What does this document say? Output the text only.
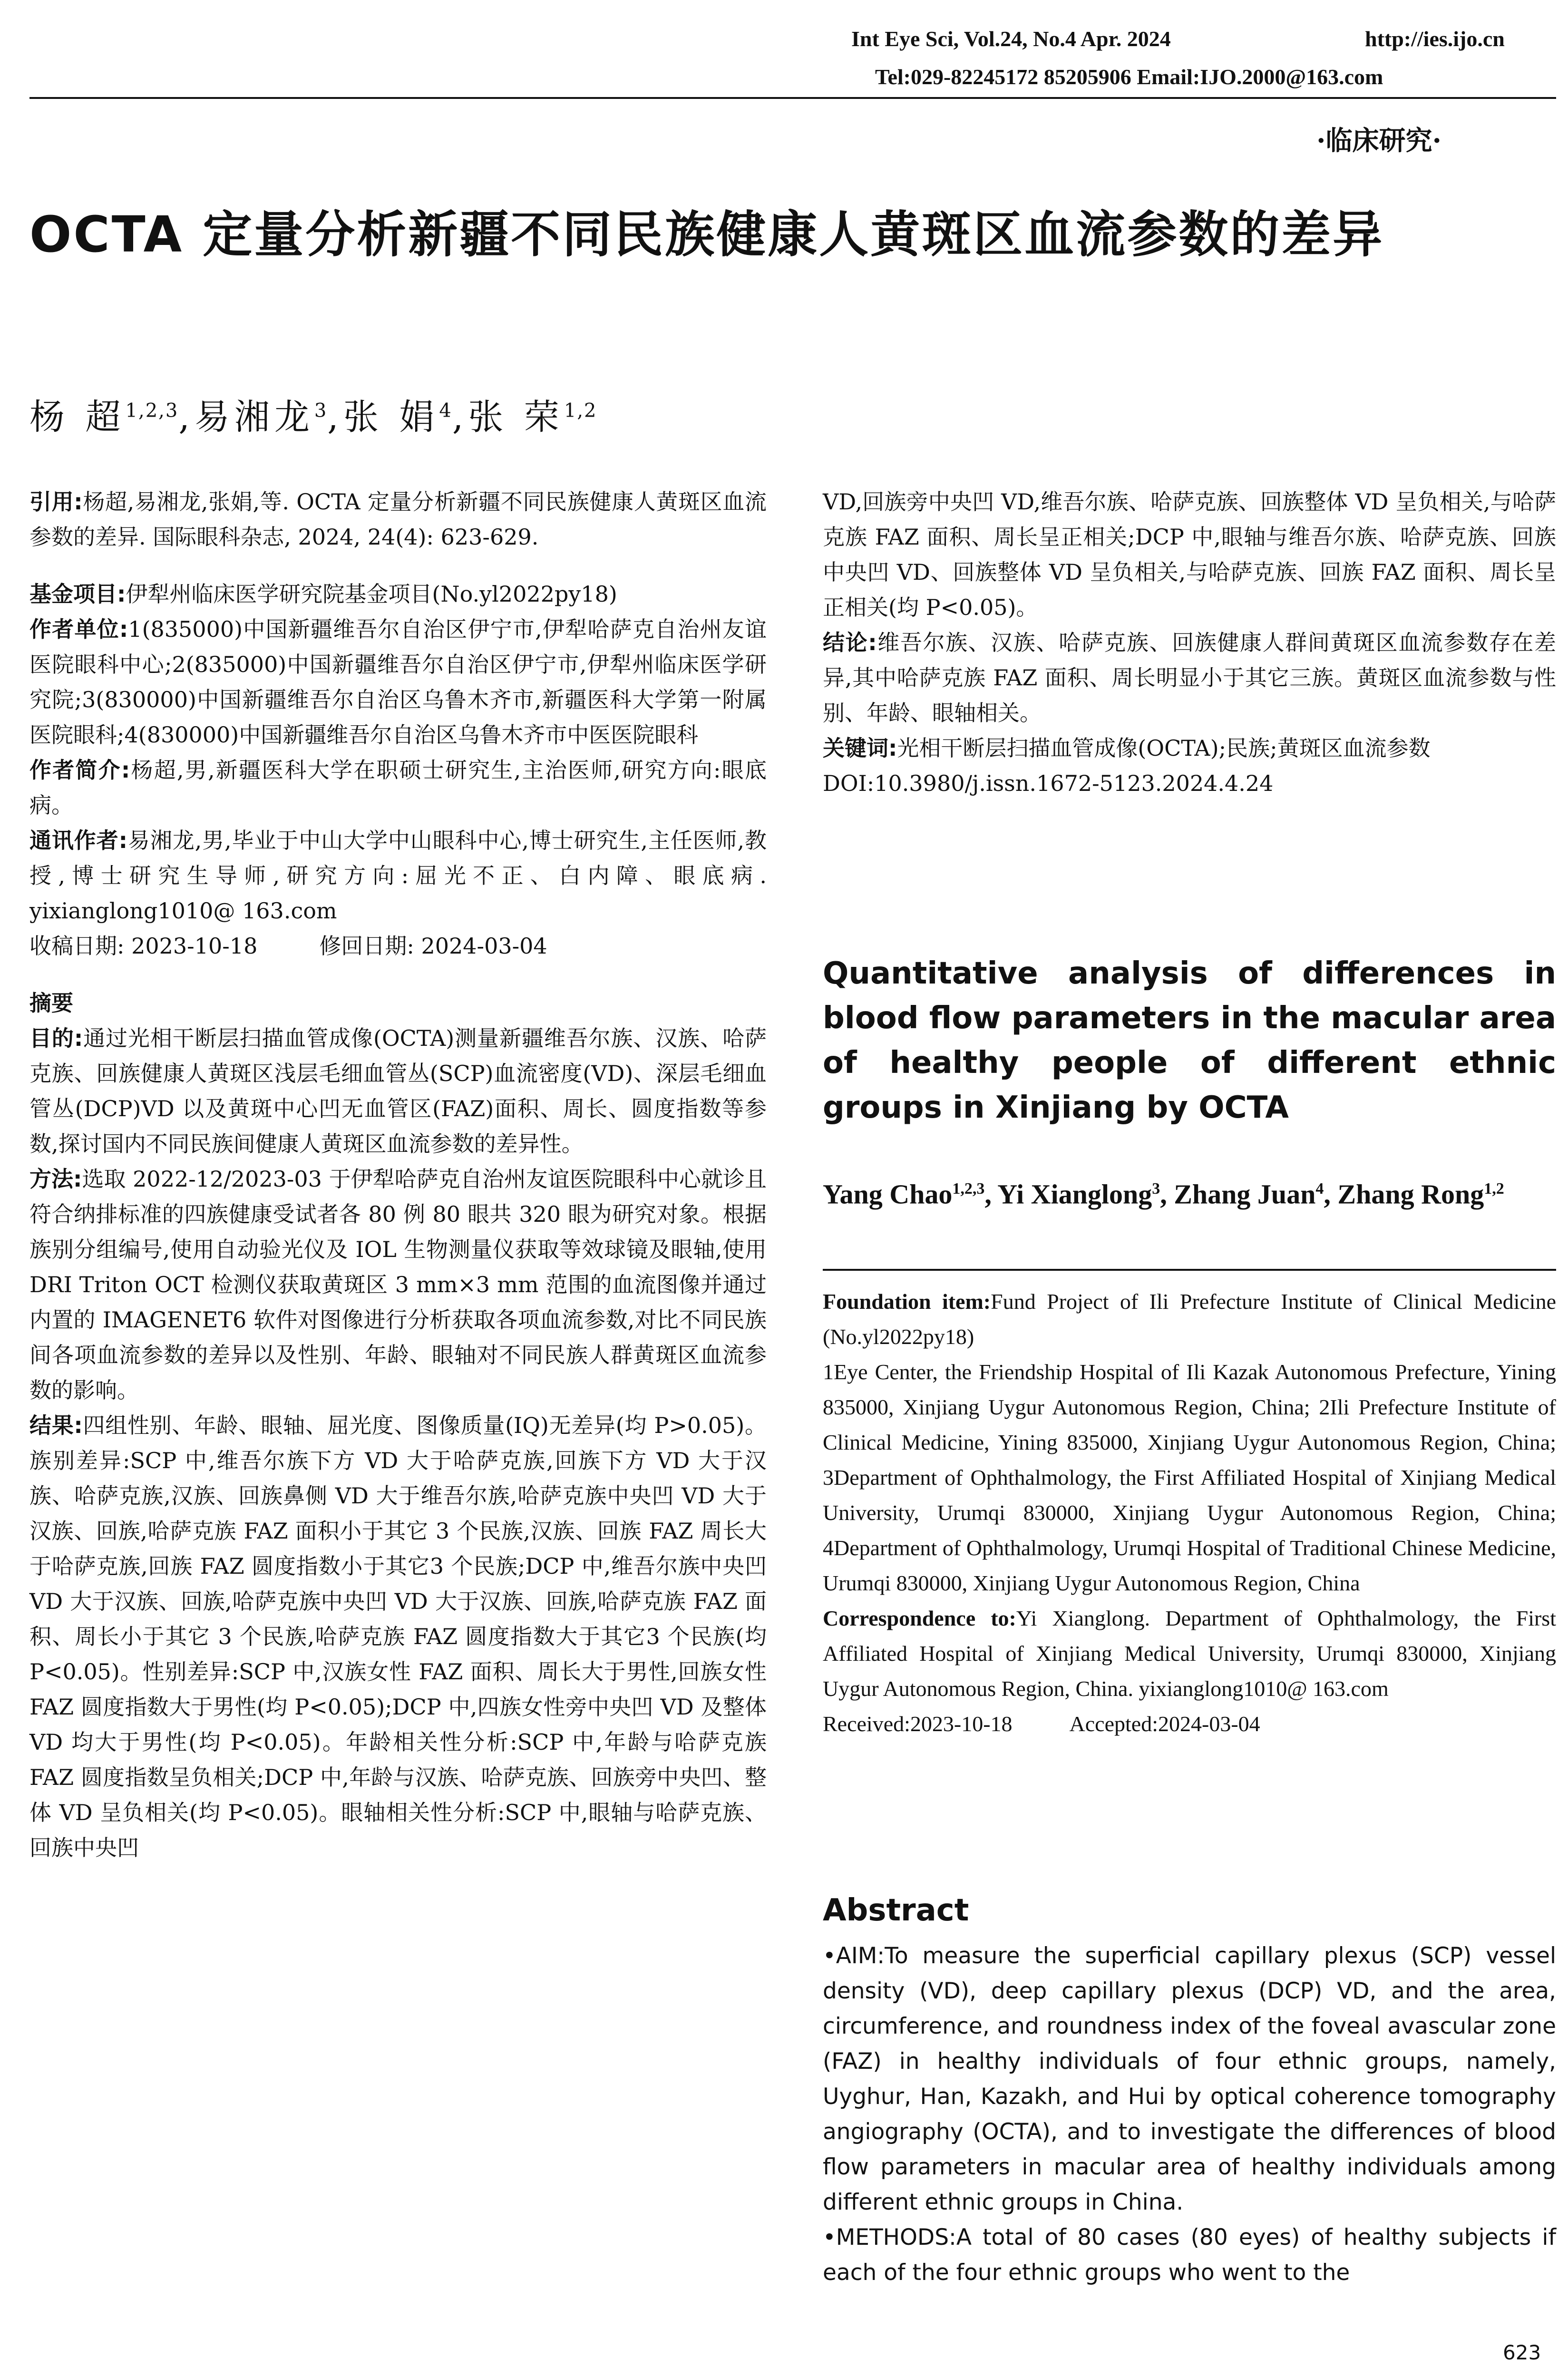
Int Eye Sci, Vol.24, No.4 Apr. 2024	http://ies.ijo.cn
Tel:029-82245172 85205906 Email:IJO.2000@163.com
·临床研究·
OCTA 定量分析新疆不同民族健康人黄斑区血流参数的差异
杨 超$^{1,2,3}$,易湘龙$^3$,张 娟$^4$,张 荣$^{1,2}$

引用:杨超,易湘龙,张娟,等. OCTA 定量分析新疆不同民族健康人黄斑区血流参数的差异. 国际眼科杂志, 2024, 24(4): 623-629.

基金项目:伊犁州临床医学研究院基金项目(No.yl2022py18)

作者单位:1(835000)中国新疆维吾尔自治区伊宁市,伊犁哈萨克自治州友谊医院眼科中心;2(835000)中国新疆维吾尔自治区伊宁市,伊犁州临床医学研究院;3(830000)中国新疆维吾尔自治区乌鲁木齐市,新疆医科大学第一附属医院眼科;4(830000)中国新疆维吾尔自治区乌鲁木齐市中医医院眼科

作者简介:杨超,男,新疆医科大学在职硕士研究生,主治医师,研究方向:眼底病。

通讯作者:易湘龙,男,毕业于中山大学中山眼科中心,博士研究生,主任医师,教授,博士研究生导师,研究方向:屈光不正、白内障、眼底病. yixianglong1010@ 163.com

收稿日期: 2023-10-18	修回日期: 2024-03-04

摘要

目的:通过光相干断层扫描血管成像(OCTA)测量新疆维吾尔族、汉族、哈萨克族、回族健康人黄斑区浅层毛细血管丛(SCP)血流密度(VD)、深层毛细血管丛(DCP)VD 以及黄斑中心凹无血管区(FAZ)面积、周长、圆度指数等参数,探讨国内不同民族间健康人黄斑区血流参数的差异性。

方法:选取 2022-12/2023-03 于伊犁哈萨克自治州友谊医院眼科中心就诊且符合纳排标准的四族健康受试者各 80 例 80 眼共 320 眼为研究对象。根据族别分组编号,使用自动验光仪及 IOL 生物测量仪获取等效球镜及眼轴,使用 DRI Triton OCT 检测仪获取黄斑区 3 mm×3 mm 范围的血流图像并通过内置的 IMAGENET6 软件对图像进行分析获取各项血流参数,对比不同民族间各项血流参数的差异以及性别、年龄、眼轴对不同民族人群黄斑区血流参数的影响。

结果:四组性别、年龄、眼轴、屈光度、图像质量(IQ)无差异(均 P>0.05)。族别差异:SCP 中,维吾尔族下方 VD 大于哈萨克族,回族下方 VD 大于汉族、哈萨克族,汉族、回族鼻侧 VD 大于维吾尔族,哈萨克族中央凹 VD 大于汉族、回族,哈萨克族 FAZ 面积小于其它 3 个民族,汉族、回族 FAZ 周长大于哈萨克族,回族 FAZ 圆度指数小于其它3 个民族;DCP 中,维吾尔族中央凹 VD 大于汉族、回族,哈萨克族中央凹 VD 大于汉族、回族,哈萨克族 FAZ 面积、周长小于其它 3 个民族,哈萨克族 FAZ 圆度指数大于其它3 个民族(均 P<0.05)。性别差异:SCP 中,汉族女性 FAZ 面积、周长大于男性,回族女性 FAZ 圆度指数大于男性(均 P<0.05);DCP 中,四族女性旁中央凹 VD 及整体 VD 均大于男性(均 P<0.05)。年龄相关性分析:SCP 中,年龄与哈萨克族 FAZ 圆度指数呈负相关;DCP 中,年龄与汉族、哈萨克族、回族旁中央凹、整体 VD 呈负相关(均 P<0.05)。眼轴相关性分析:SCP 中,眼轴与哈萨克族、回族中央凹

VD,回族旁中央凹 VD,维吾尔族、哈萨克族、回族整体 VD 呈负相关,与哈萨克族 FAZ 面积、周长呈正相关;DCP 中,眼轴与维吾尔族、哈萨克族、回族中央凹 VD、回族整体 VD 呈负相关,与哈萨克族、回族 FAZ 面积、周长呈正相关(均 P<0.05)。

结论:维吾尔族、汉族、哈萨克族、回族健康人群间黄斑区血流参数存在差异,其中哈萨克族 FAZ 面积、周长明显小于其它三族。黄斑区血流参数与性别、年龄、眼轴相关。

关键词:光相干断层扫描血管成像(OCTA);民族;黄斑区血流参数

DOI:10.3980/j.issn.1672-5123.2024.4.24

Quantitative analysis of differences in blood flow parameters in the macular area of healthy people of different ethnic groups in Xinjiang by OCTA
Yang Chao$^{1,2,3}$, Yi Xianglong$^3$, Zhang Juan$^4$, Zhang Rong$^{1,2}$

Foundation item:Fund Project of Ili Prefecture Institute of Clinical Medicine (No.yl2022py18)

1Eye Center, the Friendship Hospital of Ili Kazak Autonomous Prefecture, Yining 835000, Xinjiang Uygur Autonomous Region, China; 2Ili Prefecture Institute of Clinical Medicine, Yining 835000, Xinjiang Uygur Autonomous Region, China; 3Department of Ophthalmology, the First Affiliated Hospital of Xinjiang Medical University, Urumqi 830000, Xinjiang Uygur Autonomous Region, China; 4Department of Ophthalmology, Urumqi Hospital of Traditional Chinese Medicine, Urumqi 830000, Xinjiang Uygur Autonomous Region, China

Correspondence to:Yi Xianglong. Department of Ophthalmology, the First Affiliated Hospital of Xinjiang Medical University, Urumqi 830000, Xinjiang Uygur Autonomous Region, China. yixianglong1010@ 163.com

Received:2023-10-18	Accepted:2024-03-04

Abstract

•AIM:To measure the superficial capillary plexus (SCP) vessel density (VD), deep capillary plexus (DCP) VD, and the area, circumference, and roundness index of the foveal avascular zone (FAZ) in healthy individuals of four ethnic groups, namely, Uyghur, Han, Kazakh, and Hui by optical coherence tomography angiography (OCTA), and to investigate the differences of blood flow parameters in macular area of healthy individuals among different ethnic groups in China.

•METHODS:A total of 80 cases (80 eyes) of healthy subjects if each of the four ethnic groups who went to the

623
